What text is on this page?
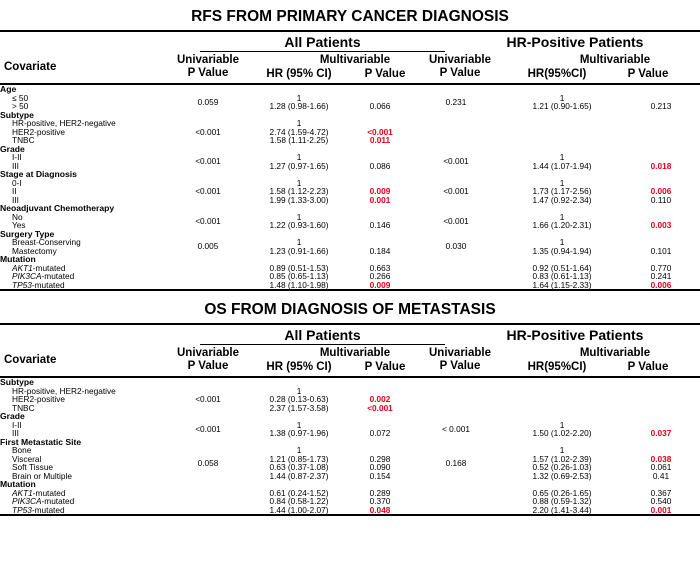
RFS FROM PRIMARY CANCER DIAGNOSIS
All Patients	HR-Positive Patients
Covariate
Univariable
P Value
Multivariable
HR (95% CI)	P Value
Univariable
P Value
Multivariable
HR(95%CI)	P Value
Age						
≤ 50	0.059	1		0.231	1	
> 50		1.28 (0.98-1.66)	0.066		1.21 (0.90-1.65)	0.213
Subtype						
HR-positive, HER2-negative	<0.001	1				
HER2-positive		2.74 (1.59-4.72)	<0.001			
TNBC		1.58 (1.11-2.25)	0.011			
Grade						
I-II	<0.001	1		<0.001	1	
III		1.27 (0.97-1.65)	0.086		1.44 (1.07-1.94)	0.018
Stage at Diagnosis						
0-I	<0.001	1		<0.001	1	
II		1.58 (1.12-2.23)	0.009		1.73 (1.17-2.56)	0.006
III		1.99 (1.33-3.00)	0.001		1.47 (0.92-2.34)	0.110
Neoadjuvant Chemotherapy						
No	<0.001	1		<0.001	1	
Yes		1.22 (0.93-1.60)	0.146		1.66 (1.20-2.31)	0.003
Surgery Type						
Breast-Conserving	0.005	1		0.030	1	
Mastectomy		1.23 (0.91-1.66)	0.184		1.35 (0.94-1.94)	0.101
Mutation						
AKT1-mutated		0.89 (0.51-1.53)	0.663		0.92 (0.51-1.64)	0.770
PIK3CA-mutated		0.85 (0.65-1.13)	0.266		0.83 (0.61-1.13)	0.241
TP53-mutated		1.48 (1.10-1.98)	0.009		1.64 (1.15-2.33)	0.006
OS FROM DIAGNOSIS OF METASTASIS
All Patients	HR-Positive Patients
Covariate
Univariable
P Value
Multivariable
HR (95% CI)	P Value
Univariable
P Value
Multivariable
HR(95%CI)	P Value
Subtype						
HR-positive, HER2-negative	<0.001	1				
HER2-positive		0.28 (0.13-0.63)	0.002			
TNBC		2.37 (1.57-3.58)	<0.001			
Grade						
I-II	<0.001	1		< 0.001	1	
III		1.38 (0.97-1.96)	0.072		1.50 (1.02-2.20)	0.037
First Metastatic Site						
Bone	0.058	1		0.168	1	
Visceral		1.21 (0.85-1.73)	0.298		1.57 (1.02-2.39)	0.038
Soft Tissue		0.63 (0.37-1.08)	0.090		0.52 (0.26-1.03)	0.061
Brain or Multiple		1.44 (0.87-2.37)	0.154		1.32 (0.69-2.53)	0.41
Mutation						
AKT1-mutated		0.61 (0.24-1.52)	0.289		0.65 (0.26-1.65)	0.367
PIK3CA-mutated		0.84 (0.58-1.22)	0.370		0.88 (0.59-1.32)	0.540
TP53-mutated		1.44 (1.00-2.07)	0.048		2.20 (1.41-3.44)	0.001
